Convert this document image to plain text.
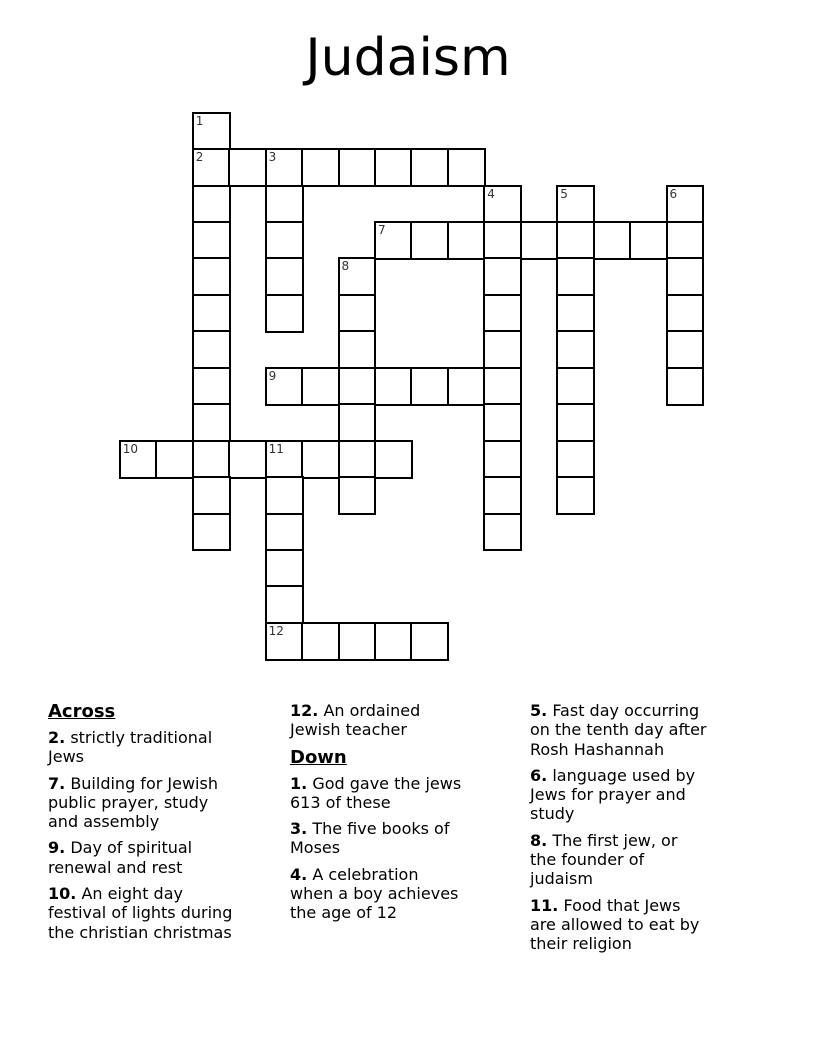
Judaism
1
2	3
4	5	6
7
8
9
10	11
12
Across
2. strictly traditional Jews
7. Building for Jewish public prayer, study and assembly
9. Day of spiritual renewal and rest
10. An eight day festival of lights during the christian christmas
12. An ordained Jewish teacher
Down
1. God gave the jews 613 of these
3. The five books of Moses
4. A celebration when a boy achieves the age of 12
5. Fast day occurring on the tenth day after Rosh Hashannah
6. language used by Jews for prayer and study
8. The first jew, or the founder of judaism
11. Food that Jews are allowed to eat by their religion
